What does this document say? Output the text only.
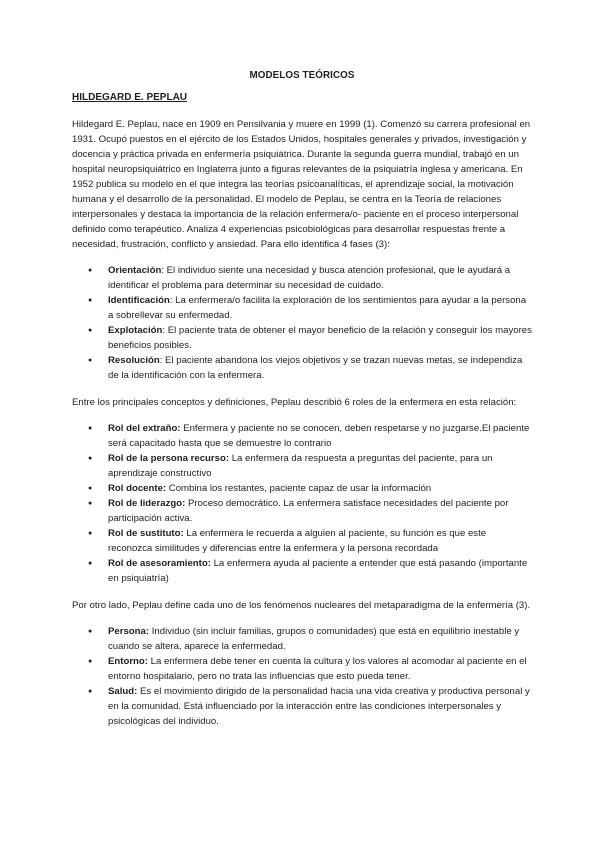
MODELOS TEÓRICOS

HILDEGARD E. PEPLAU

Hildegard E. Peplau, nace en 1909 en Pensilvania y muere en 1999 (1). Comenzó su carrera profesional en 1931. Ocupó puestos en el ejército de los Estados Unidos, hospitales generales y privados, investigación y docencia y práctica privada en enfermería psiquiátrica. Durante la segunda guerra mundial, trabajó en un hospital neuropsiquiátrico en Inglaterra junto a figuras relevantes de la psiquiatría inglesa y americana. En 1952 publica su modelo en el que integra las teorías psicoanalíticas, el aprendizaje social, la motivación humana y el desarrollo de la personalidad. El modelo de Peplau, se centra en la Teoría de relaciones interpersonales y destaca la importancia de la relación enfermera/o- paciente en el proceso interpersonal definido como terapéutico. Analiza 4 experiencias psicobiológicas para desarrollar respuestas frente a necesidad, frustración, conflicto y ansiedad. Para ello identifica 4 fases (3):

● Orientación: El individuo siente una necesidad y busca atención profesional, que le ayudará a identificar el problema para determinar su necesidad de cuidado.
● Identificación: La enfermera/o facilita la exploración de los sentimientos para ayudar a la persona a sobrellevar su enfermedad.
● Explotación: El paciente trata de obtener el mayor beneficio de la relación y conseguir los mayores beneficios posibles.
● Resolución: El paciente abandona los viejos objetivos y se trazan nuevas metas, se independiza de la identificación con la enfermera.

Entre los principales conceptos y definiciones, Peplau describió 6 roles de la enfermera en esta relación:

● Rol del extraño: Enfermera y paciente no se conocen, deben respetarse y no juzgarse.El paciente será capacitado hasta que se demuestre lo contrario
● Rol de la persona recurso: La enfermera da respuesta a preguntas del paciente, para un aprendizaje constructivo
● Rol docente: Combina los restantes, paciente capaz de usar la información
● Rol de liderazgo: Proceso democrático. La enfermera satisface necesidades del paciente por participación activa.
● Rol de sustituto: La enfermera le recuerda a alguien al paciente, su función es que este reconozca similitudes y diferencias entre la enfermera y la persona recordada
● Rol de asesoramiento: La enfermera ayuda al paciente a entender que está pasando (importante en psiquiatría)

Por otro lado, Peplau define cada uno de los fenómenos nucleares del metaparadigma de la enfermería (3).

● Persona: Individuo (sin incluir familias, grupos o comunidades) que está en equilibrio inestable y cuando se altera, aparece la enfermedad.
● Entorno: La enfermera debe tener en cuenta la cultura y los valores al acomodar al paciente en el entorno hospitalario, pero no trata las influencias que esto pueda tener.
● Salud: Es el movimiento dirigido de la personalidad hacia una vida creativa y productiva personal y en la comunidad. Está influenciado por la interacción entre las condiciones interpersonales y psicológicas del individuo.
